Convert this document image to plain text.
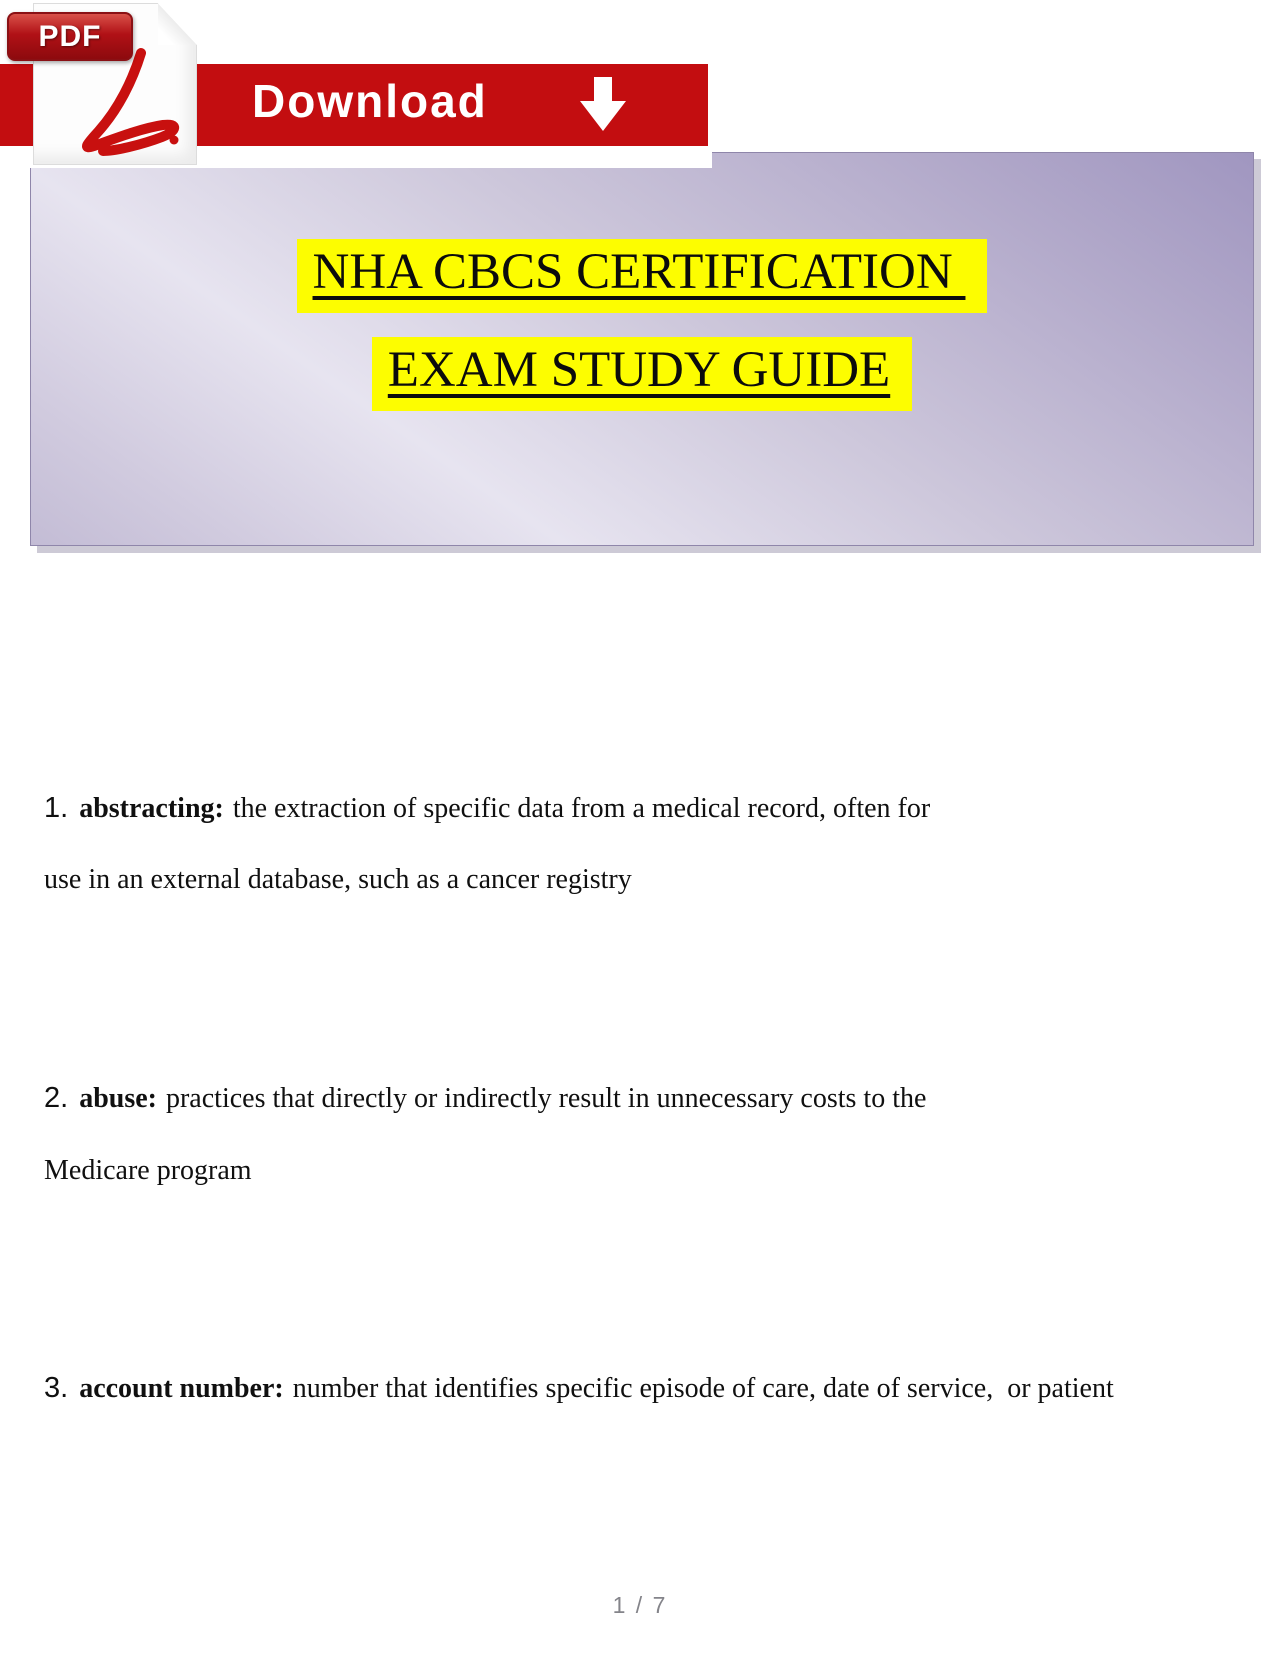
NHA CBCS CERTIFICATION
EXAM STUDY GUIDE
Download
PDF

1. abstracting: the extraction of specific data from a medical record, often for

use in an external database, such as a cancer registry

2. abuse: practices that directly or indirectly result in unnecessary costs to the

Medicare program

3. account number: number that identifies specific episode of care, date of service,  or patient

1 / 7
